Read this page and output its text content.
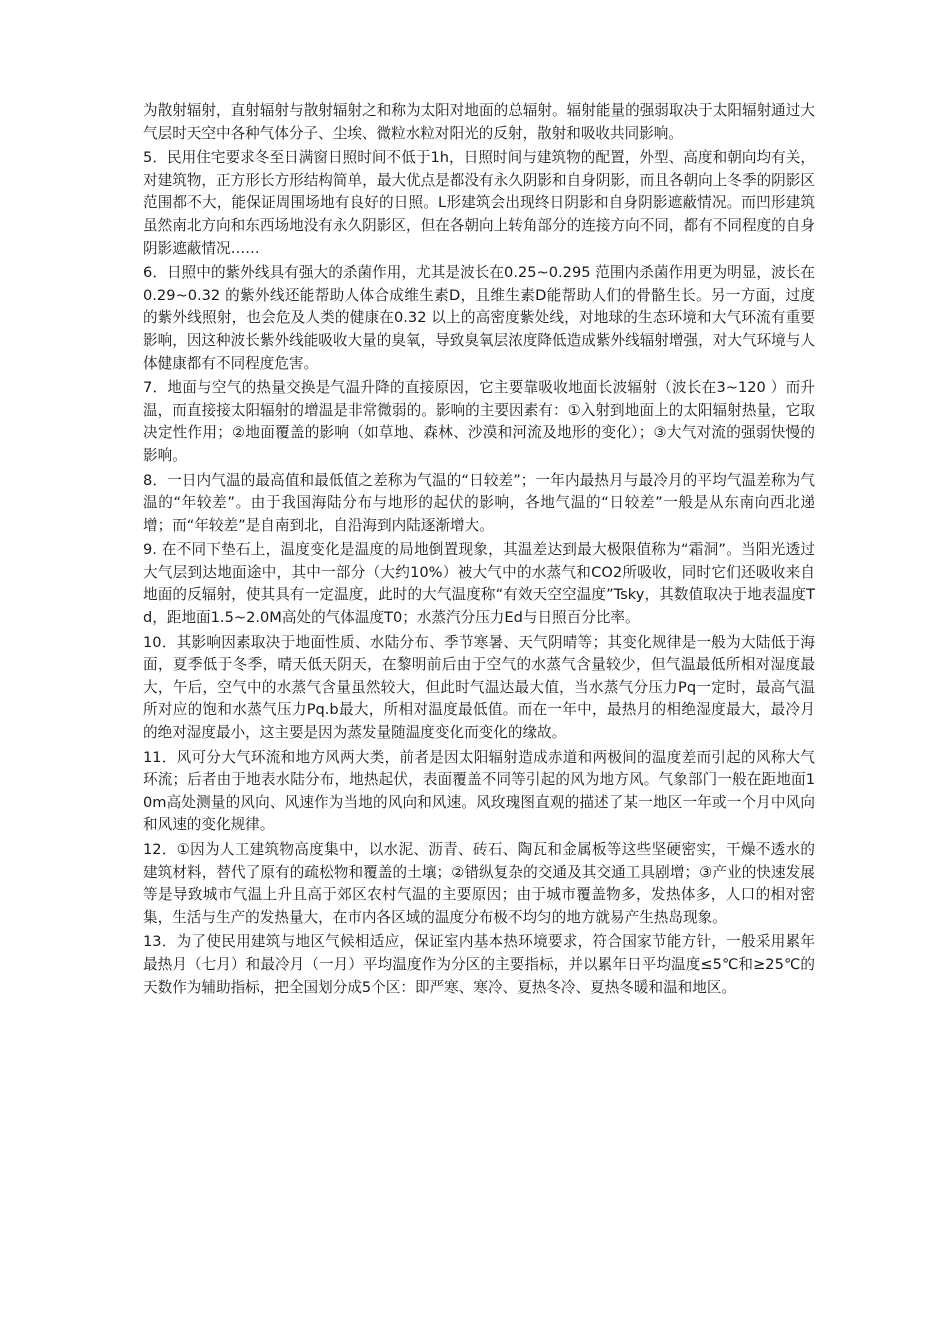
为散射辐射，直射辐射与散射辐射之和称为太阳对地面的总辐射。辐射能量的强弱取决于太阳辐射通过大气层时天空中各种气体分子、尘埃、微粒水粒对阳光的反射，散射和吸收共同影响。

5．民用住宅要求冬至日满窗日照时间不低于1h，日照时间与建筑物的配置，外型、高度和朝向均有关，对建筑物，正方形长方形结构简单，最大优点是都没有永久阴影和自身阴影，而且各朝向上冬季的阴影区范围都不大，能保证周围场地有良好的日照。L形建筑会出现终日阴影和自身阴影遮蔽情况。而凹形建筑虽然南北方向和东西场地没有永久阴影区，但在各朝向上转角部分的连接方向不同，都有不同程度的自身阴影遮蔽情况……

6．日照中的紫外线具有强大的杀菌作用，尤其是波长在0.25~0.295 范围内杀菌作用更为明显，波长在0.29~0.32 的紫外线还能帮助人体合成维生素D，且维生素D能帮助人们的骨骼生长。另一方面，过度的紫外线照射，也会危及人类的健康在0.32 以上的高密度紫处线，对地球的生态环境和大气环流有重要影响，因这种波长紫外线能吸收大量的臭氧，导致臭氧层浓度降低造成紫外线辐射增强，对大气环境与人体健康都有不同程度危害。

7．地面与空气的热量交换是气温升降的直接原因，它主要靠吸收地面长波辐射（波长在3~120 ）而升温，而直接接太阳辐射的增温是非常微弱的。影响的主要因素有：①入射到地面上的太阳辐射热量，它取决定性作用；②地面覆盖的影响（如草地、森林、沙漠和河流及地形的变化）；③大气对流的强弱快慢的影响。

8．一日内气温的最高值和最低值之差称为气温的“日较差”；一年内最热月与最冷月的平均气温差称为气温的“年较差”。由于我国海陆分布与地形的起伏的影响，各地气温的“日较差”一般是从东南向西北递增；而“年较差”是自南到北，自沿海到内陆逐渐增大。

9. 在不同下垫石上，温度变化是温度的局地倒置现象，其温差达到最大极限值称为“霜洞”。当阳光透过大气层到达地面途中，其中一部分（大约10%）被大气中的水蒸气和CO2所吸收，同时它们还吸收来自地面的反辐射，使其具有一定温度，此时的大气温度称“有效天空空温度”Tsky，其数值取决于地表温度Td，距地面1.5~2.0M高处的气体温度T0；水蒸汽分压力Ed与日照百分比率。

10．其影响因素取决于地面性质、水陆分布、季节寒暑、天气阴晴等；其变化规律是一般为大陆低于海面，夏季低于冬季，晴天低天阴天，在黎明前后由于空气的水蒸气含量较少，但气温最低所相对湿度最大，午后，空气中的水蒸气含量虽然较大，但此时气温达最大值，当水蒸气分压力Pq一定时，最高气温所对应的饱和水蒸气压力Pq.b最大，所相对温度最低值。而在一年中，最热月的相绝湿度最大，最冷月的绝对湿度最小，这主要是因为蒸发量随温度变化而变化的缘故。

11．风可分大气环流和地方风两大类，前者是因太阳辐射造成赤道和两极间的温度差而引起的风称大气环流；后者由于地表水陆分布，地热起伏，表面覆盖不同等引起的风为地方风。气象部门一般在距地面10m高处测量的风向、风速作为当地的风向和风速。风玫瑰图直观的描述了某一地区一年或一个月中风向和风速的变化规律。

12．①因为人工建筑物高度集中，以水泥、沥青、砖石、陶瓦和金属板等这些坚硬密实，干燥不透水的建筑材料，替代了原有的疏松物和覆盖的土壤；②错纵复杂的交通及其交通工具剧增；③产业的快速发展等是导致城市气温上升且高于郊区农村气温的主要原因；由于城市覆盖物多，发热体多，人口的相对密集，生活与生产的发热量大，在市内各区域的温度分布极不均匀的地方就易产生热岛现象。

13．为了使民用建筑与地区气候相适应，保证室内基本热环境要求，符合国家节能方针，一般采用累年最热月（七月）和最冷月（一月）平均温度作为分区的主要指标，并以累年日平均温度≤5℃和≥25℃的天数作为辅助指标，把全国划分成5个区：即严寒、寒冷、夏热冬冷、夏热冬暖和温和地区。
